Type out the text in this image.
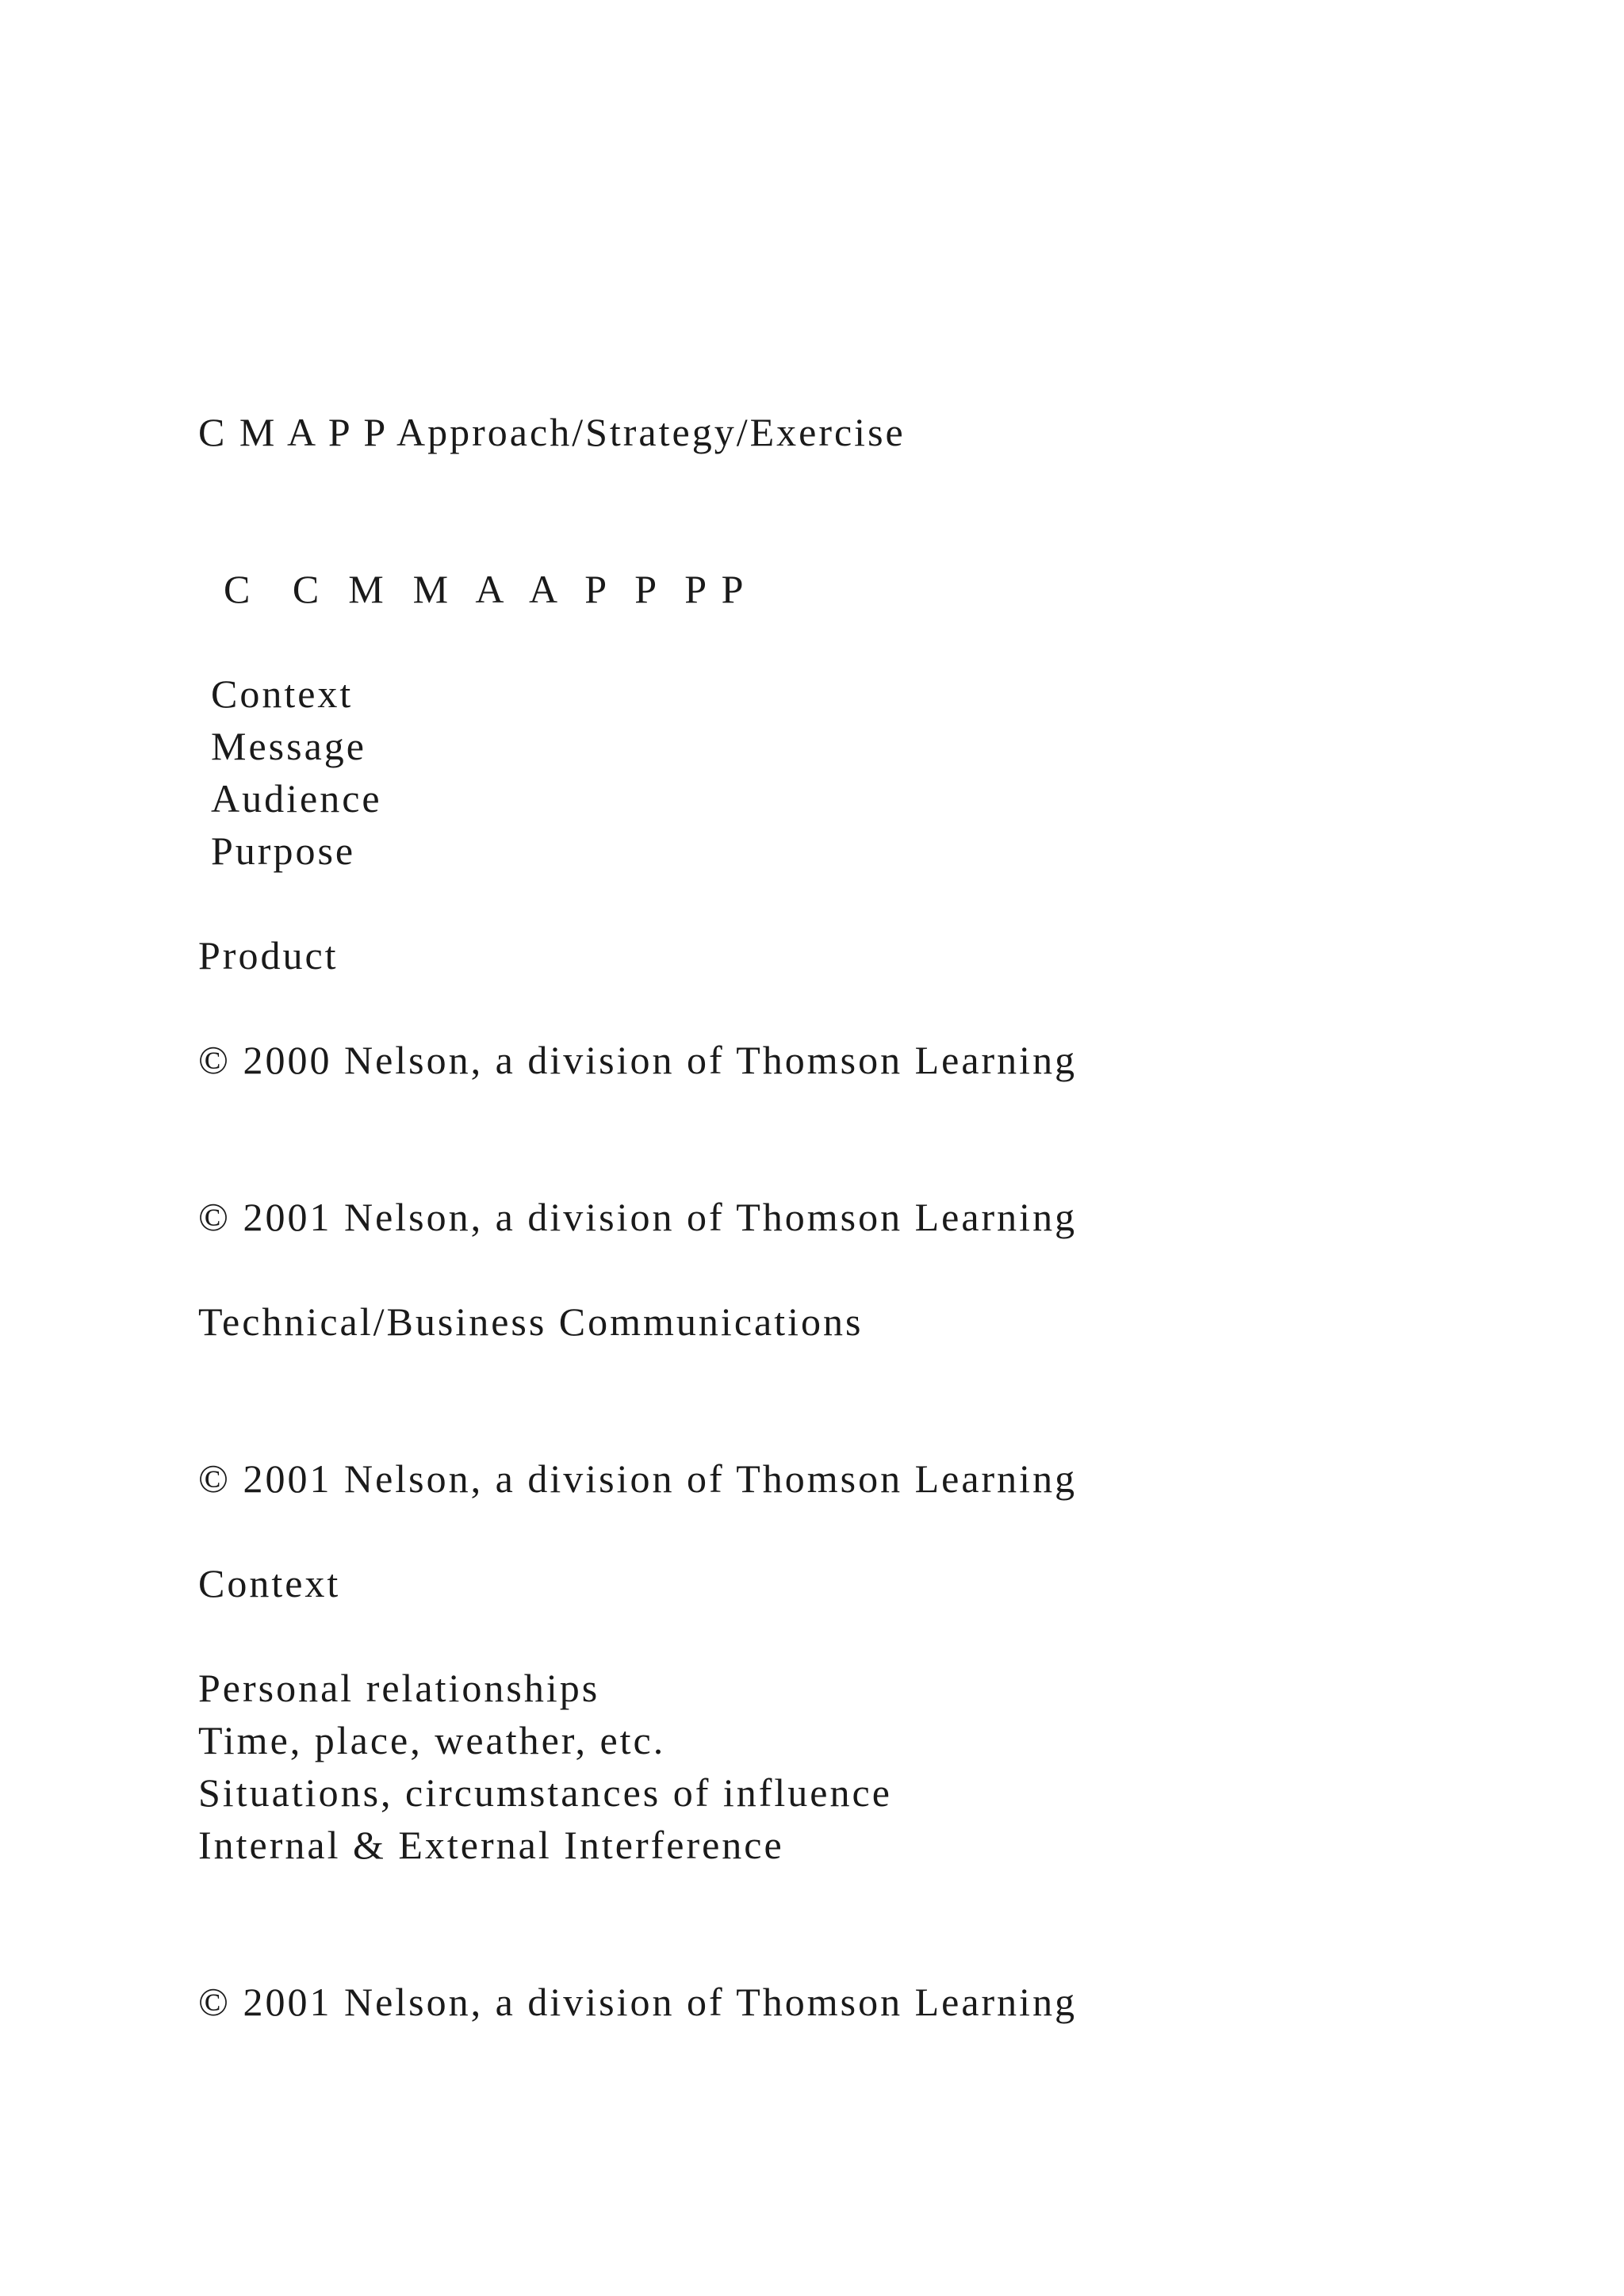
C M A P P Approach/Strategy/Exercise
C   C  M  M  A  A  P  P  P P
Context
Message
Audience
Purpose
Product
© 2000 Nelson, a division of Thomson Learning
© 2001 Nelson, a division of Thomson Learning
Technical/Business Communications
© 2001 Nelson, a division of Thomson Learning
Context
Personal relationships
Time, place, weather, etc.
Situations, circumstances of influence
Internal & External Interference
© 2001 Nelson, a division of Thomson Learning
